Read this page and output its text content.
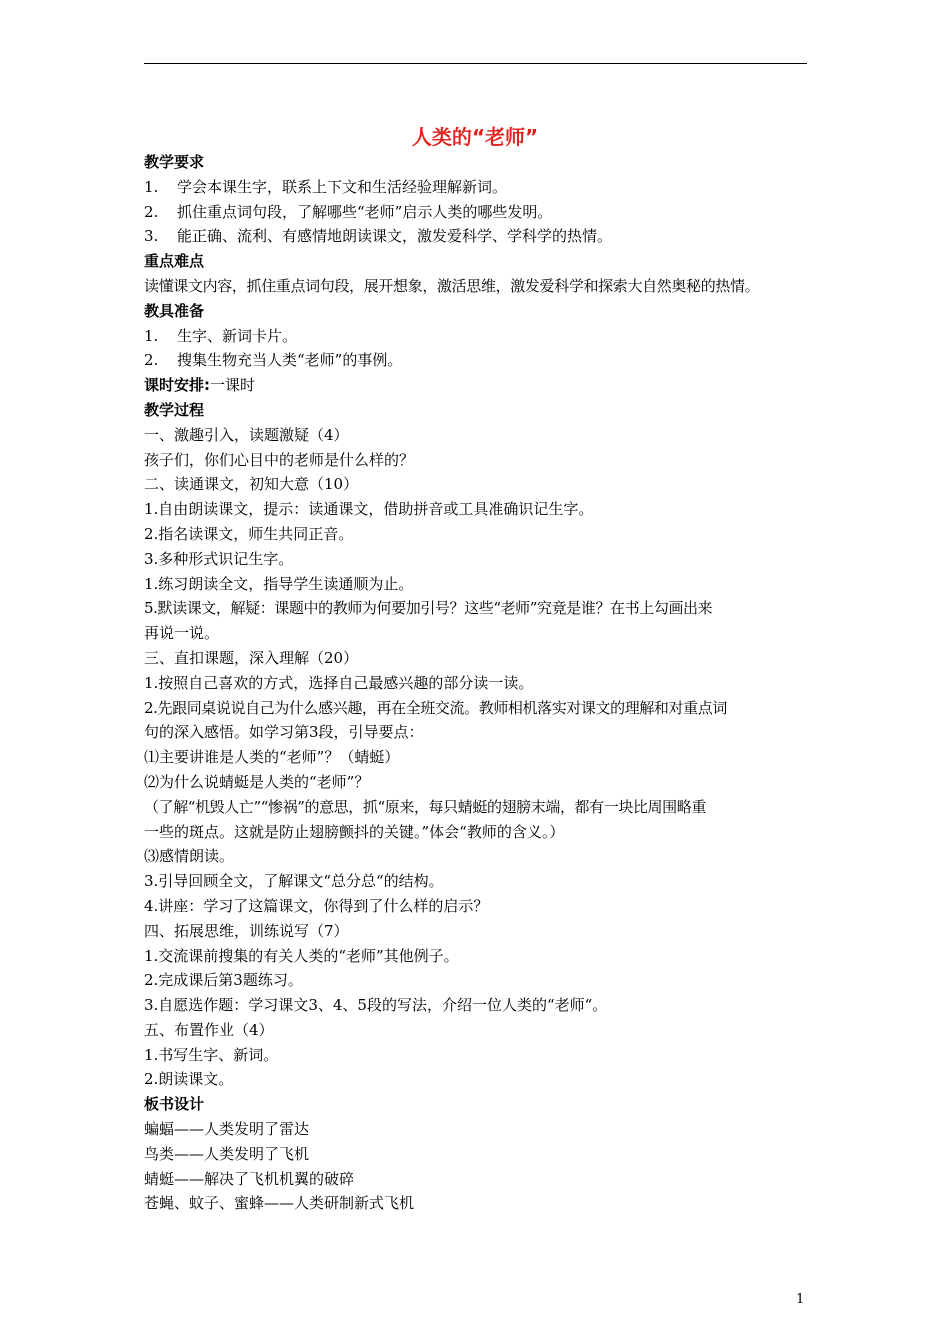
人类的“老师”
教学要求
1. 学会本课生字，联系上下文和生活经验理解新词。
2. 抓住重点词句段，了解哪些“老师”启示人类的哪些发明。
3. 能正确、流利、有感情地朗读课文，激发爱科学、学科学的热情。
重点难点
读懂课文内容，抓住重点词句段，展开想象，激活思维，激发爱科学和探索大自然奥秘的热情。
教具准备
1. 生字、新词卡片。
2. 搜集生物充当人类“老师”的事例。
课时安排:一课时
教学过程
一、激趣引入，读题激疑（4）
孩子们，你们心目中的老师是什么样的？
二、读通课文，初知大意（10）
1.自由朗读课文，提示：读通课文，借助拼音或工具准确识记生字。
2.指名读课文，师生共同正音。
3.多种形式识记生字。
1.练习朗读全文，指导学生读通顺为止。
5.默读课文，解疑：课题中的教师为何要加引号？这些“老师”究竟是谁？在书上勾画出来
再说一说。
三、直扣课题，深入理解（20）
1.按照自己喜欢的方式，选择自己最感兴趣的部分读一读。
2.先跟同桌说说自己为什么感兴趣，再在全班交流。教师相机落实对课文的理解和对重点词
句的深入感悟。如学习第3段，引导要点：
⑴主要讲谁是人类的“老师”？（蜻蜓）
⑵为什么说蜻蜓是人类的“老师”？
（了解“机毁人亡”“惨祸”的意思，抓“原来，每只蜻蜓的翅膀末端，都有一块比周围略重
一些的斑点。这就是防止翅膀颤抖的关键。”体会“教师的含义。）
⑶感情朗读。
3.引导回顾全文，了解课文“总分总“的结构。
4.讲座：学习了这篇课文，你得到了什么样的启示？
四、拓展思维，训练说写（7）
1.交流课前搜集的有关人类的“老师”其他例子。
2.完成课后第3题练习。
3.自愿选作题：学习课文3、4、5段的写法，介绍一位人类的“老师“。
五、布置作业（4）
1.书写生字、新词。
2.朗读课文。
板书设计
蝙蝠——人类发明了雷达
鸟类——人类发明了飞机
蜻蜓——解决了飞机机翼的破碎
苍蝇、蚊子、蜜蜂——人类研制新式飞机
1
